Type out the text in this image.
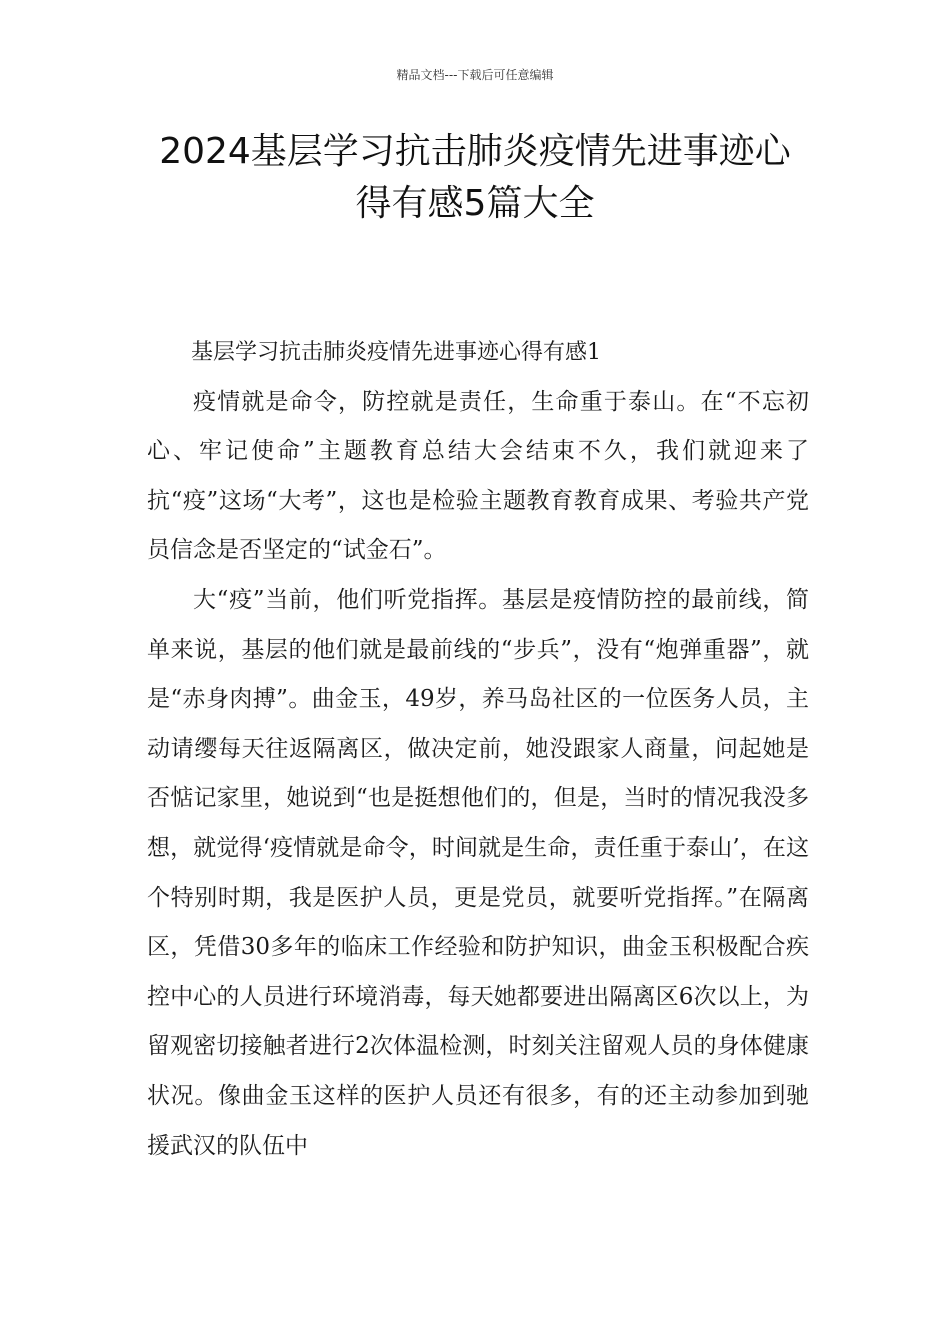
精品文档---下载后可任意编辑
2024基层学习抗击肺炎疫情先进事迹心
得有感5篇大全

基层学习抗击肺炎疫情先进事迹心得有感1

疫情就是命令，防控就是责任，生命重于泰山。在“不忘初心、牢记使命”主题教育总结大会结束不久，我们就迎来了抗“疫”这场“大考”，这也是检验主题教育教育成果、考验共产党员信念是否坚定的“试金石”。

大“疫”当前，他们听党指挥。基层是疫情防控的最前线，简单来说，基层的他们就是最前线的“步兵”，没有“炮弹重器”，就是“赤身肉搏”。曲金玉，49岁，养马岛社区的一位医务人员，主动请缨每天往返隔离区，做决定前，她没跟家人商量，问起她是否惦记家里，她说到“也是挺想他们的，但是，当时的情况我没多想，就觉得‘疫情就是命令，时间就是生命，责任重于泰山’，在这个特别时期，我是医护人员，更是党员，就要听党指挥。”在隔离区，凭借30多年的临床工作经验和防护知识，曲金玉积极配合疾控中心的人员进行环境消毒，每天她都要进出隔离区6次以上，为留观密切接触者进行2次体温检测，时刻关注留观人员的身体健康状况。像曲金玉这样的医护人员还有很多，有的还主动参加到驰援武汉的队伍中
